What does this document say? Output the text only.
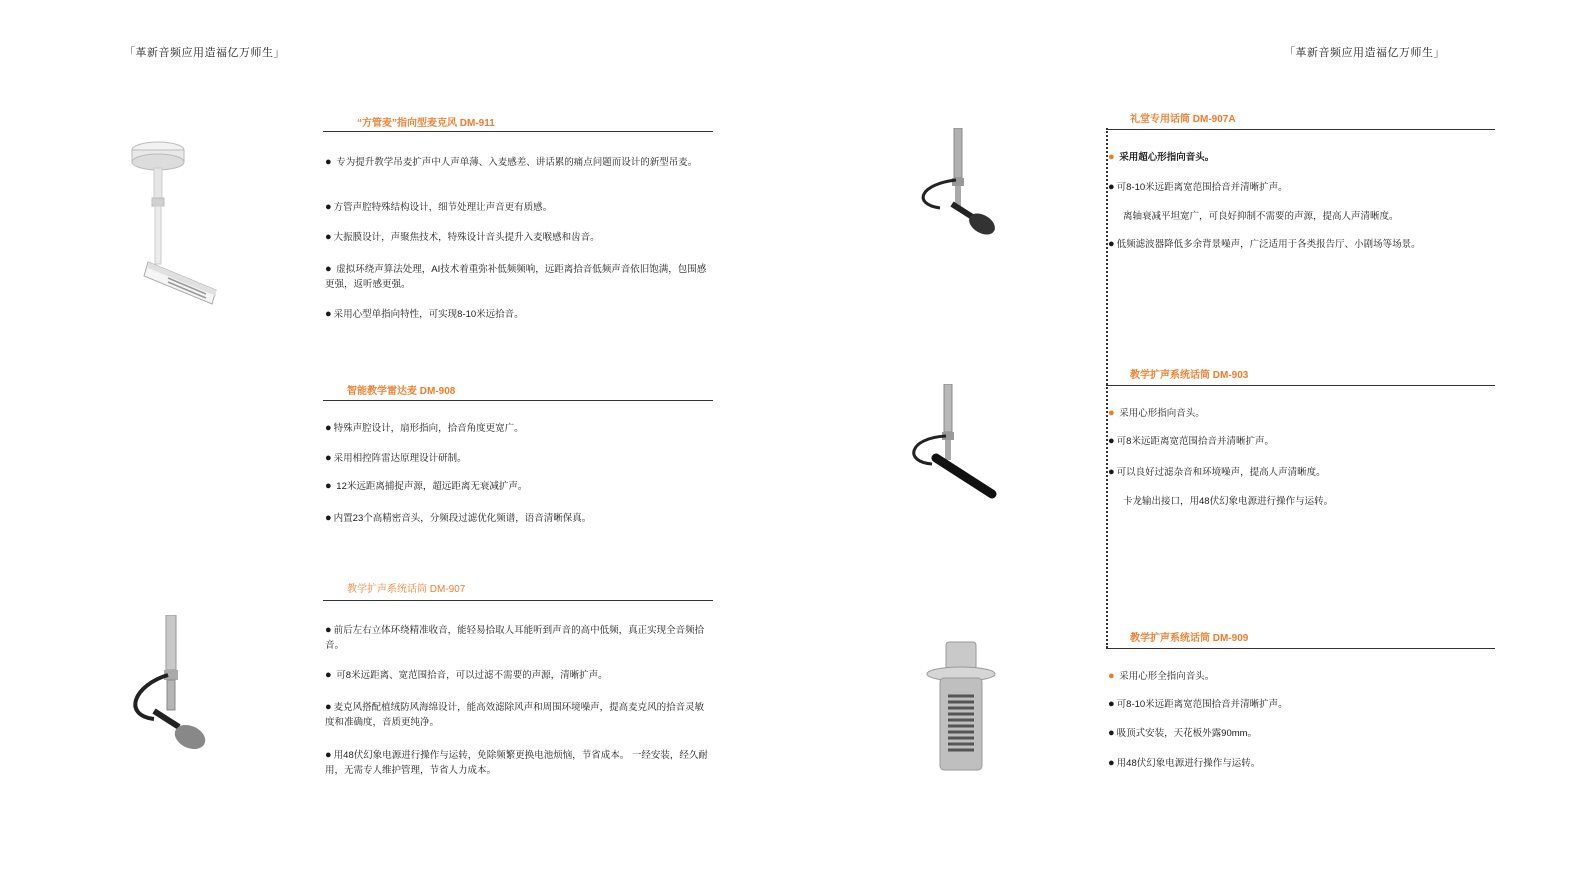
「革新音频应用造福亿万师生」	「革新音频应用造福亿万师生」
“方管麦”指向型麦克风 DM-911
● 专为提升教学吊麦扩声中人声单薄、入麦感差、讲话累的痛点问题而设计的新型吊麦。
● 方管声腔特殊结构设计，细节处理让声音更有质感。
● 大振膜设计，声聚焦技术，特殊设计音头提升入麦喉感和齿音。
● 虚拟环绕声算法处理，AI技术着重弥补低频频响，远距离拾音低频声音依旧饱满，包围感更强，返听感更强。
● 采用心型单指向特性，可实现8-10米远拾音。
智能教学雷达麦 DM-908
● 特殊声腔设计，扇形指向，拾音角度更宽广。
● 采用相控阵雷达原理设计研制。
● 12米远距离捕捉声源，超远距离无衰减扩声。
● 内置23个高精密音头，分频段过滤优化频谱，语音清晰保真。
教学扩声系统话筒 DM-907
● 前后左右立体环绕精准收音，能轻易拾取人耳能听到声音的高中低频，真正实现全音频拾音。
● 可8米远距离、宽范围拾音，可以过滤不需要的声源，清晰扩声。
● 麦克风搭配植绒防风海绵设计，能高效滤除风声和周围环境噪声，提高麦克风的拾音灵敏度和准确度，音质更纯净。
● 用48伏幻象电源进行操作与运转，免除频繁更换电池烦恼，节省成本。 一经安装，经久耐用，无需专人维护管理，节省人力成本。
礼堂专用话筒 DM-907A
● 采用超心形指向音头。
● 可8-10米远距离宽范围拾音并清晰扩声。
离轴衰减平坦宽广，可良好抑制不需要的声源，提高人声清晰度。
● 低频滤波器降低多余背景噪声，广泛适用于各类报告厅、小剧场等场景。
教学扩声系统话筒 DM-903
● 采用心形指向音头。
● 可8米远距离宽范围拾音并清晰扩声。
● 可以良好过滤杂音和环境噪声，提高人声清晰度。
卡龙输出接口，用48伏幻象电源进行操作与运转。
教学扩声系统话筒 DM-909
● 采用心形全指向音头。
● 可8-10米远距离宽范围拾音并清晰扩声。
● 吸顶式安装，天花板外露90mm。
● 用48伏幻象电源进行操作与运转。
